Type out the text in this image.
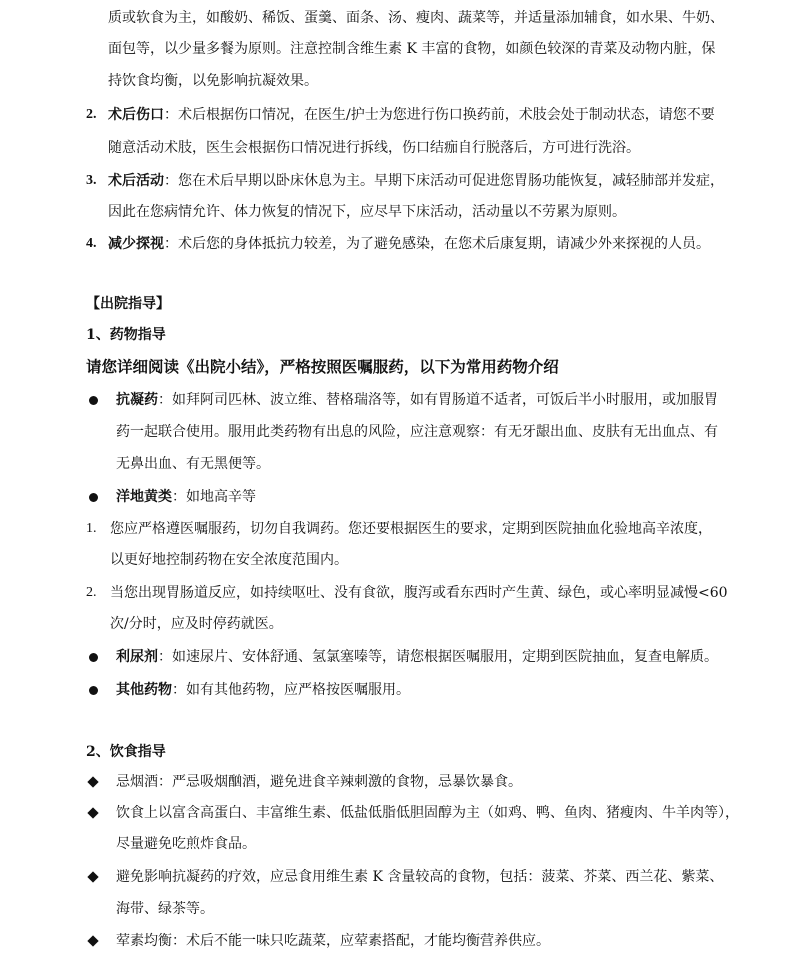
质或软食为主，如酸奶、稀饭、蛋羹、面条、汤、瘦肉、蔬菜等，并适量添加辅食，如水果、牛奶、
面包等，以少量多餐为原则。注意控制含维生素 K 丰富的食物，如颜色较深的青菜及动物内脏，保
持饮食均衡，以免影响抗凝效果。
2. 术后伤口：术后根据伤口情况，在医生/护士为您进行伤口换药前，术肢会处于制动状态，请您不要
随意活动术肢，医生会根据伤口情况进行拆线，伤口结痂自行脱落后，方可进行洗浴。
3. 术后活动：您在术后早期以卧床休息为主。早期下床活动可促进您胃肠功能恢复，减轻肺部并发症，
因此在您病情允许、体力恢复的情况下，应尽早下床活动，活动量以不劳累为原则。
4. 减少探视：术后您的身体抵抗力较差，为了避免感染，在您术后康复期，请减少外来探视的人员。
【出院指导】
1、药物指导
请您详细阅读《出院小结》，严格按照医嘱服药，以下为常用药物介绍
抗凝药：如拜阿司匹林、波立维、替格瑞洛等，如有胃肠道不适者，可饭后半小时服用，或加服胃
药一起联合使用。服用此类药物有出息的风险，应注意观察：有无牙龈出血、皮肤有无出血点、有
无鼻出血、有无黑便等。
洋地黄类：如地高辛等
1. 您应严格遵医嘱服药，切勿自我调药。您还要根据医生的要求，定期到医院抽血化验地高辛浓度，
以更好地控制药物在安全浓度范围内。
2. 当您出现胃肠道反应，如持续呕吐、没有食欲，腹泻或看东西时产生黄、绿色，或心率明显减慢<60
次/分时，应及时停药就医。
利尿剂：如速尿片、安体舒通、氢氯塞嗪等，请您根据医嘱服用，定期到医院抽血，复查电解质。
其他药物：如有其他药物，应严格按医嘱服用。
2、饮食指导
忌烟酒：严忌吸烟酗酒，避免进食辛辣刺激的食物，忌暴饮暴食。
饮食上以富含高蛋白、丰富维生素、低盐低脂低胆固醇为主（如鸡、鸭、鱼肉、猪瘦肉、牛羊肉等），
尽量避免吃煎炸食品。
避免影响抗凝药的疗效，应忌食用维生素 K 含量较高的食物，包括：菠菜、芥菜、西兰花、紫菜、
海带、绿茶等。
荤素均衡：术后不能一味只吃蔬菜，应荤素搭配，才能均衡营养供应。
